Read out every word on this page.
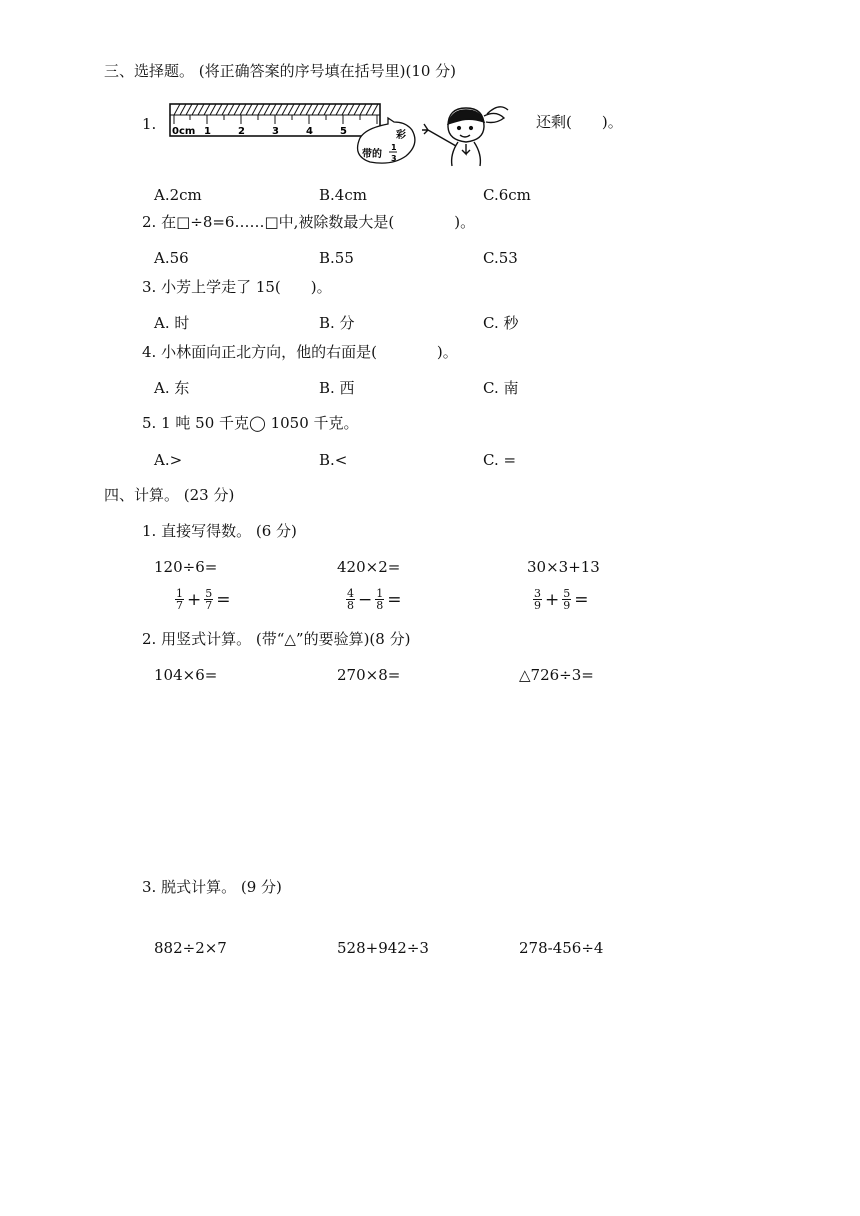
三、选择题。 (将正确答案的序号填在括号里)(10 分)
1. 0cm 1	2	3	4	5	彩
带的
1
3
还剩(　　)。
A.2cm	B.4cm	C.6cm
2. 在□÷8=6……□中,被除数最大是(　　　　)。
A.56	B.55	C.53
3. 小芳上学走了 15(　　)。
A. 时	B. 分	C. 秒
4. 小林面向正北方向，他的右面是(　　　　)。
A. 东	B. 西	C. 南
5. 1 吨 50 千克◯ 1050 千克。
A.>	B.<	C. =
四、计算。 (23 分)
1. 直接写得数。 (6 分)
120÷6=	420×2=	30×3+13
$\frac{1}{7} + \frac{5}{7}$ =	$\frac{4}{8} - \frac{1}{8}$ =	$\frac{3}{9} + \frac{5}{9}$ =
2. 用竖式计算。 (带“△”的要验算)(8 分)
104×6=	270×8=	△726÷3=
3. 脱式计算。 (9 分)
882÷2×7	528+942÷3	278-456÷4
